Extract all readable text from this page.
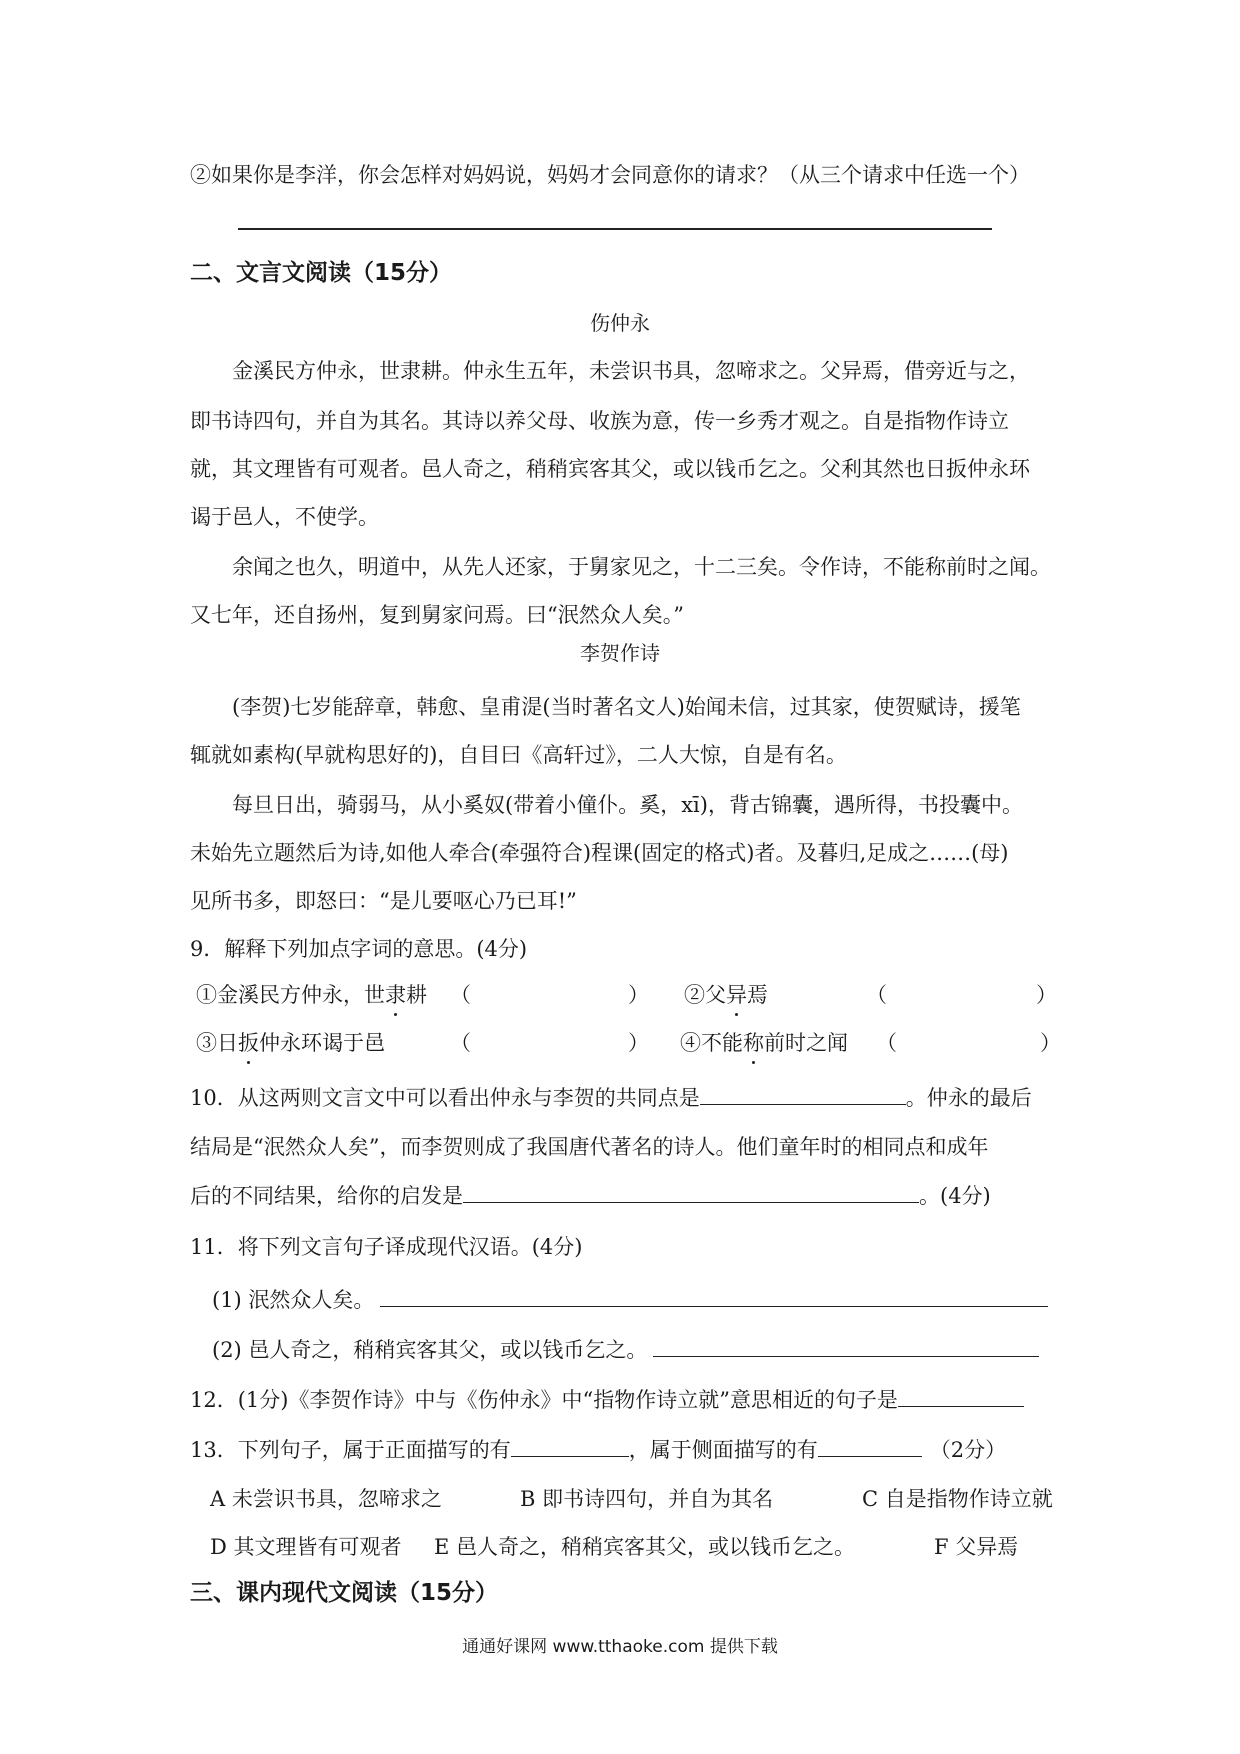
②如果你是李洋，你会怎样对妈妈说，妈妈才会同意你的请求？（从三个请求中任选一个）
二、文言文阅读（15分）
伤仲永
金溪民方仲永，世隶耕。仲永生五年，未尝识书具，忽啼求之。父异焉，借旁近与之，
即书诗四句，并自为其名。其诗以养父母、收族为意，传一乡秀才观之。自是指物作诗立
就，其文理皆有可观者。邑人奇之，稍稍宾客其父，或以钱币乞之。父利其然也日扳仲永环
谒于邑人，不使学。
余闻之也久，明道中，从先人还家，于舅家见之，十二三矣。令作诗，不能称前时之闻。
又七年，还自扬州，复到舅家问焉。曰“泯然众人矣。”
李贺作诗
(李贺)七岁能辞章，韩愈、皇甫湜(当时著名文人)始闻未信，过其家，使贺赋诗，援笔
辄就如素构(早就构思好的)，自目曰《高轩过》，二人大惊，自是有名。
每旦日出，骑弱马，从小奚奴(带着小僮仆。奚，xī)，背古锦囊，遇所得，书投囊中。
未始先立题然后为诗,如他人牵合(牵强符合)程课(固定的格式)者。及暮归,足成之……(母)
见所书多，即怒曰：“是儿要呕心乃已耳!”
9．解释下列加点字词的意思。(4分)
①金溪民方仲永，世隶耕 （	） ②父异焉	（	）
③日扳仲永环谒于邑	（	） ④不能称前时之闻 （	）
10．从这两则文言文中可以看出仲永与李贺的共同点是	。仲永的最后
结局是“泯然众人矣”，而李贺则成了我国唐代著名的诗人。他们童年时的相同点和成年
后的不同结果，给你的启发是	。(4分)
11．将下列文言句子译成现代汉语。(4分)
(1) 泯然众人矣。
(2) 邑人奇之，稍稍宾客其父，或以钱币乞之。
12．(1分)《李贺作诗》中与《伤仲永》中“指物作诗立就”意思相近的句子是
13．下列句子，属于正面描写的有	，属于侧面描写的有	（2分）
A 未尝识书具，忽啼求之	B 即书诗四句，并自为其名	C 自是指物作诗立就
D 其文理皆有可观者 E 邑人奇之，稍稍宾客其父，或以钱币乞之。	F 父异焉
三、课内现代文阅读（15分）
通通好课网 www.tthaoke.com 提供下载
